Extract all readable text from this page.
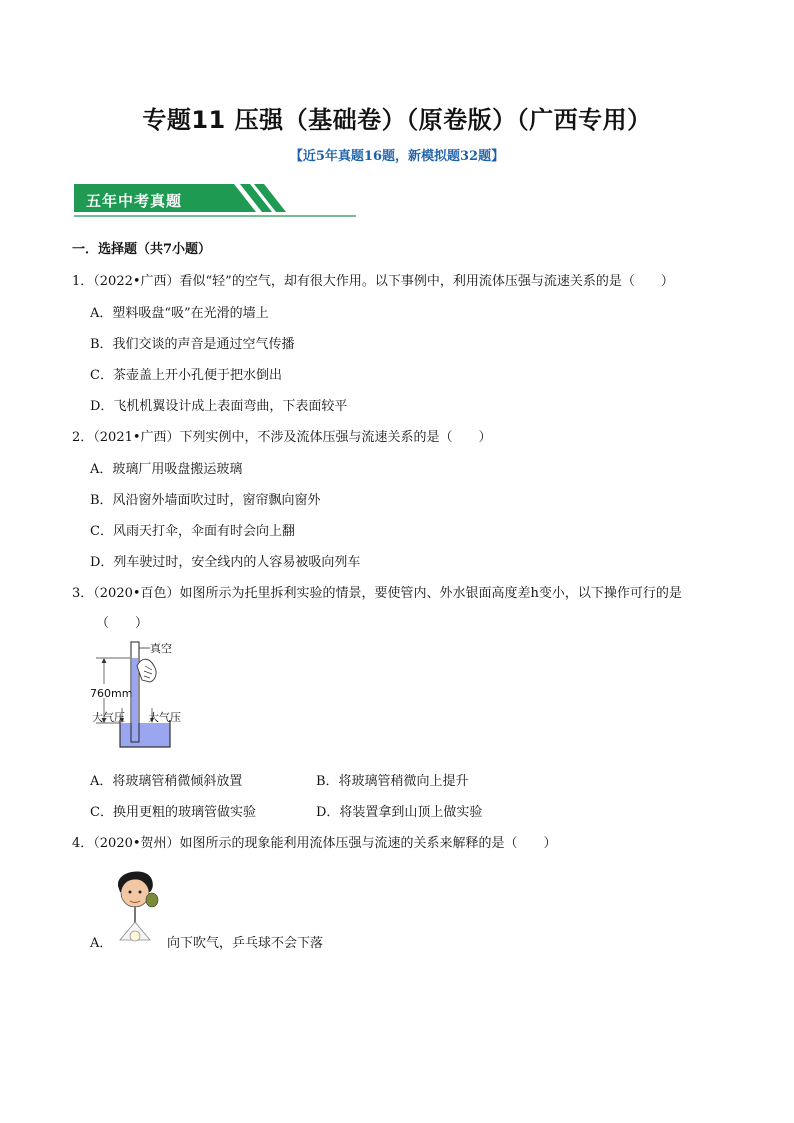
专题11 压强（基础卷）（原卷版）（广西专用）
【近5年真题16题，新模拟题32题】
五年中考真题
一．选择题（共7小题）
1．（2022•广西）看似“轻”的空气，却有很大作用。以下事例中，利用流体压强与流速关系的是（　　）
A．塑料吸盘“吸”在光滑的墙上
B．我们交谈的声音是通过空气传播
C．茶壶盖上开小孔便于把水倒出
D．飞机机翼设计成上表面弯曲，下表面较平
2．（2021•广西）下列实例中，不涉及流体压强与流速关系的是（　　）
A．玻璃厂用吸盘搬运玻璃
B．风沿窗外墙面吹过时，窗帘飘向窗外
C．风雨天打伞，伞面有时会向上翻
D．列车驶过时，安全线内的人容易被吸向列车
3．（2020•百色）如图所示为托里拆利实验的情景，要使管内、外水银面高度差h变小，以下操作可行的是
（　　）
真空
760mm
大气压 大气压
A．将玻璃管稍微倾斜放置	B．将玻璃管稍微向上提升
C．换用更粗的玻璃管做实验	D．将装置拿到山顶上做实验
4．（2020•贺州）如图所示的现象能利用流体压强与流速的关系来解释的是（　　）
A．	向下吹气，乒乓球不会下落
